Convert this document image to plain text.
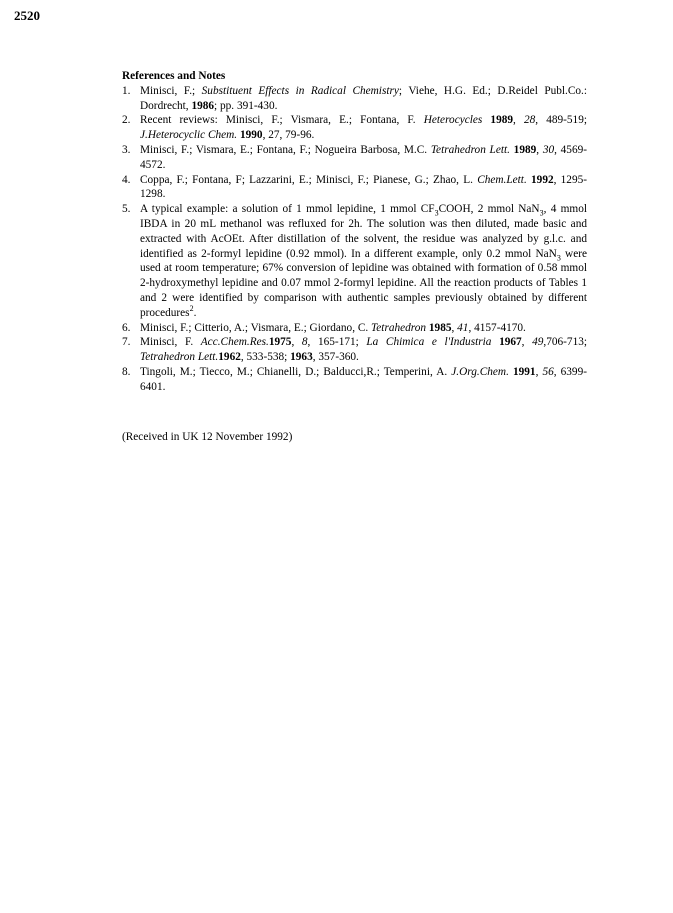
2520

References and Notes

1. Minisci, F.; Substituent Effects in Radical Chemistry; Viehe, H.G. Ed.; D.Reidel Publ.Co.: Dordrecht, 1986; pp. 391-430.
2. Recent reviews: Minisci, F.; Vismara, E.; Fontana, F. Heterocycles 1989, 28, 489-519; J.Heterocyclic Chem. 1990, 27, 79-96.
3. Minisci, F.; Vismara, E.; Fontana, F.; Nogueira Barbosa, M.C. Tetrahedron Lett. 1989, 30, 4569-4572.
4. Coppa, F.; Fontana, F; Lazzarini, E.; Minisci, F.; Pianese, G.; Zhao, L. Chem.Lett. 1992, 1295-1298.
5. A typical example: a solution of 1 mmol lepidine, 1 mmol $CF_3COOH$, 2 mmol NaN$_3$, 4 mmol IBDA in 20 mL methanol was refluxed for 2h. The solution was then diluted, made basic and extracted with AcOEt. After distillation of the solvent, the residue was analyzed by g.l.c. and identified as 2-formyl lepidine (0.92 mmol). In a different example, only 0.2 mmol NaN$_3$ were used at room temperature; 67% conversion of lepidine was obtained with formation of 0.58 mmol 2-hydroxymethyl lepidine and 0.07 mmol 2-formyl lepidine. All the reaction products of Tables 1 and 2 were identified by comparison with authentic samples previously obtained by different procedures$^2$.
6. Minisci, F.; Citterio, A.; Vismara, E.; Giordano, C. Tetrahedron 1985, 41, 4157-4170.
7. Minisci, F. Acc.Chem.Res.1975, 8, 165-171; La Chimica e l'Industria 1967, 49,706-713; Tetrahedron Lett.1962, 533-538; 1963, 357-360.
8. Tingoli, M.; Tiecco, M.; Chianelli, D.; Balducci,R.; Temperini, A. J.Org.Chem. 1991, 56, 6399-6401.
(Received in UK 12 November 1992)
